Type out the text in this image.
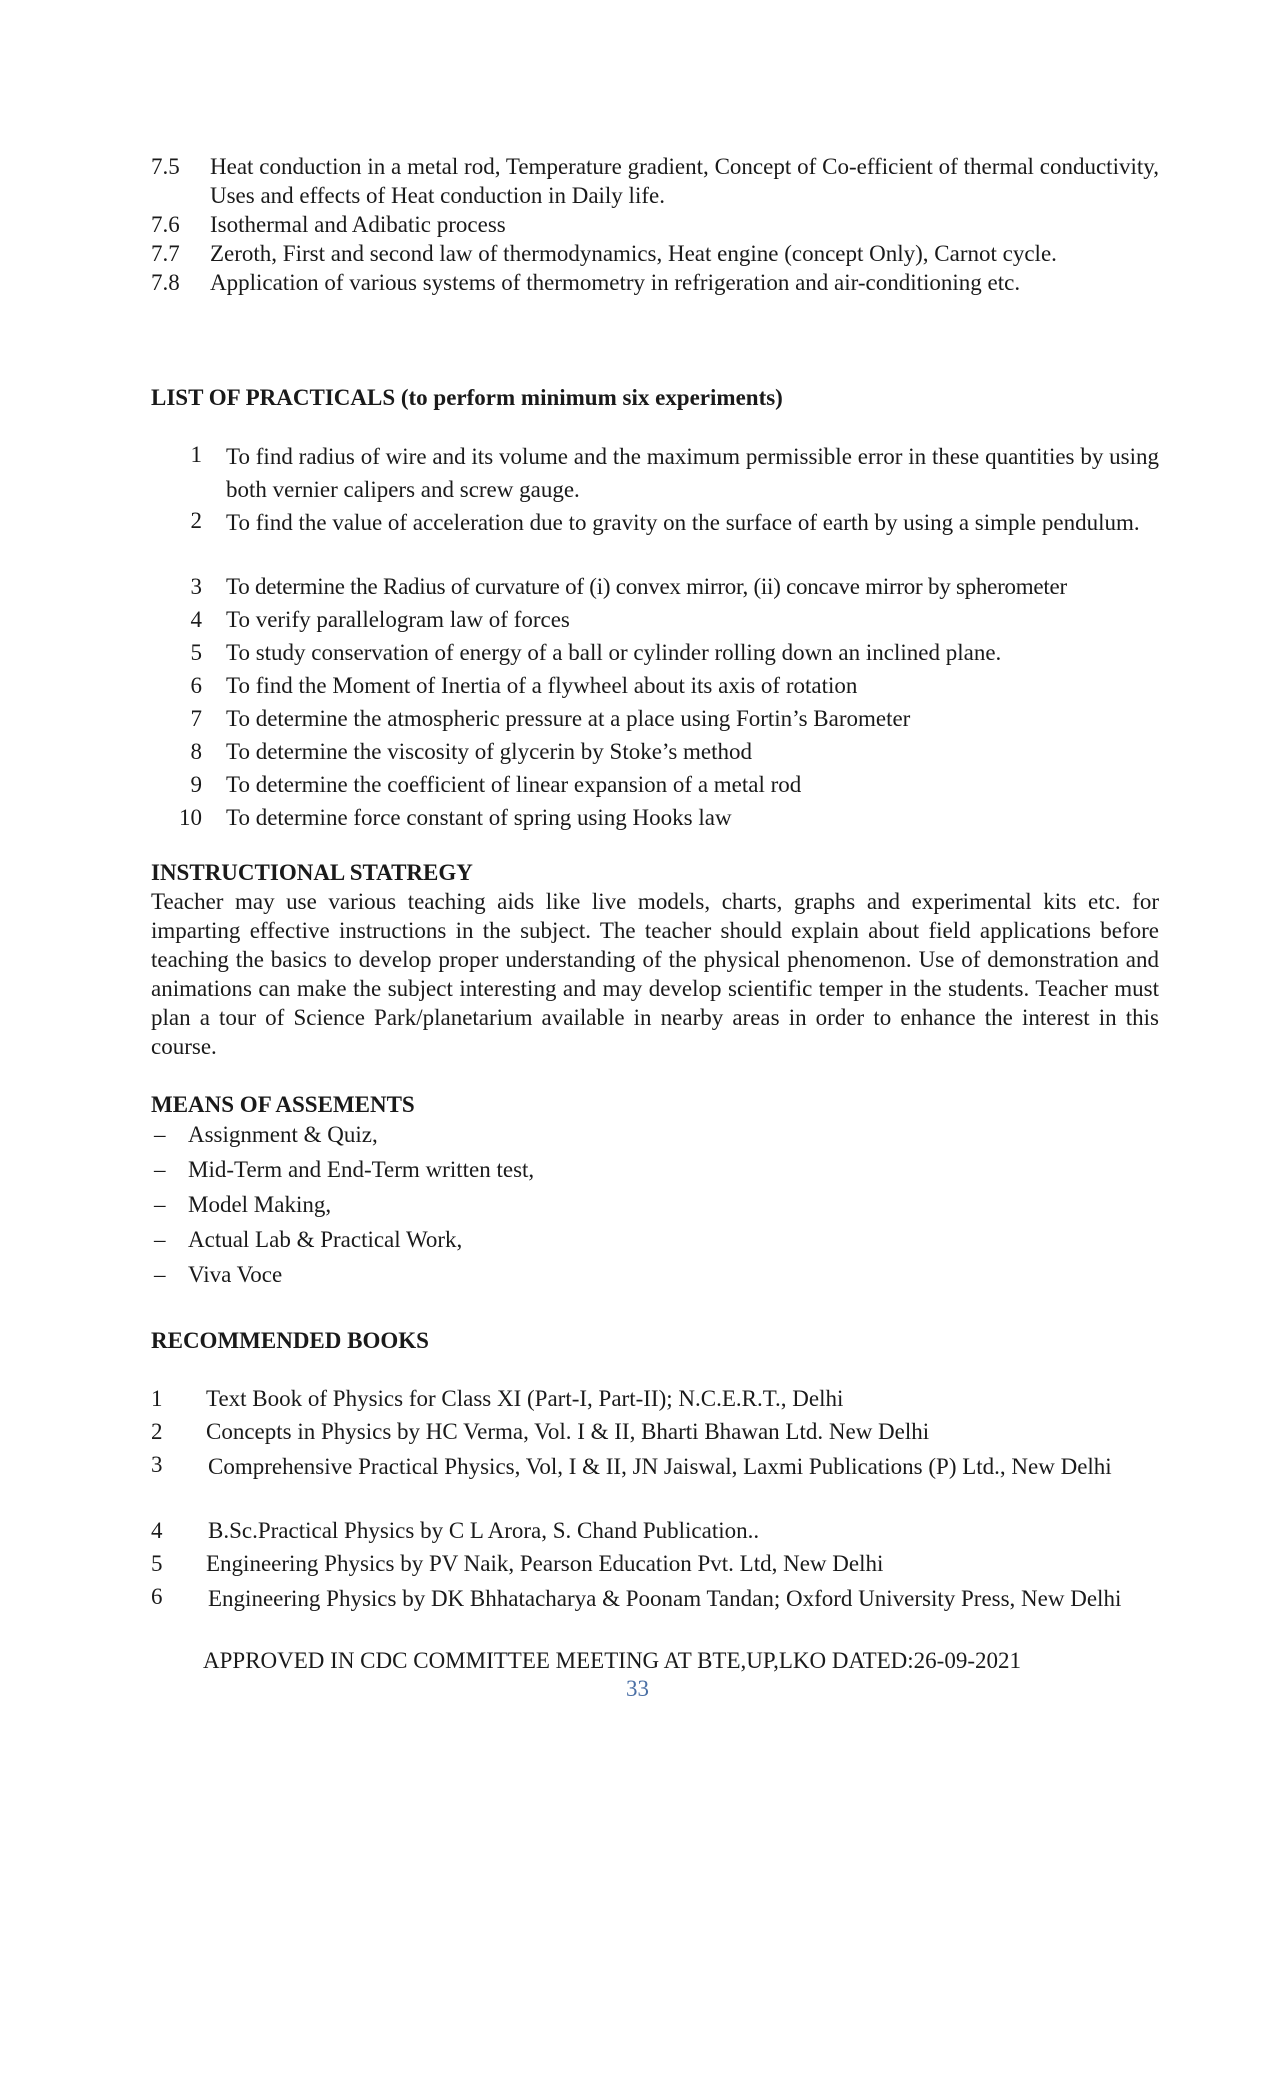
7.5	Heat conduction in a metal rod, Temperature gradient, Concept of Co-efficient of thermal conductivity, Uses and effects of Heat conduction in Daily life.
7.6	Isothermal and Adibatic process
7.7	Zeroth, First and second law of thermodynamics, Heat engine (concept Only), Carnot cycle.
7.8	Application of various systems of thermometry in refrigeration and air-conditioning etc.
LIST OF PRACTICALS (to perform minimum six experiments)
1 To find radius of wire and its volume and the maximum permissible error in these quantities by using both vernier calipers and screw gauge.
2 To find the value of acceleration due to gravity on the surface of earth by using a simple pendulum.
3 To determine the Radius of curvature of (i) convex mirror, (ii) concave mirror by spherometer
4 To verify parallelogram law of forces
5 To study conservation of energy of a ball or cylinder rolling down an inclined plane.
6 To find the Moment of Inertia of a flywheel about its axis of rotation
7 To determine the atmospheric pressure at a place using Fortin’s Barometer
8 To determine the viscosity of glycerin by Stoke’s method
9 To determine the coefficient of linear expansion of a metal rod
10 To determine force constant of spring using Hooks law
INSTRUCTIONAL STATREGY
Teacher may use various teaching aids like live models, charts, graphs and experimental kits etc. for imparting effective instructions in the subject. The teacher should explain about field applications before teaching the basics to develop proper understanding of the physical phenomenon. Use of demonstration and animations can make the subject interesting and may develop scientific temper in the students. Teacher must plan a tour of Science Park/planetarium available in nearby areas in order to enhance the interest in this course.
MEANS OF ASSEMENTS
– Assignment & Quiz,
– Mid-Term and End-Term written test,
– Model Making,
– Actual Lab & Practical Work,
– Viva Voce
RECOMMENDED BOOKS
1	Text Book of Physics for Class XI (Part-I, Part-II); N.C.E.R.T., Delhi
2	Concepts in Physics by HC Verma, Vol. I & II, Bharti Bhawan Ltd. New Delhi
3	Comprehensive Practical Physics, Vol, I & II, JN Jaiswal, Laxmi Publications (P) Ltd., New Delhi
4	B.Sc.Practical Physics by C L Arora, S. Chand Publication..
5	Engineering Physics by PV Naik, Pearson Education Pvt. Ltd, New Delhi
6	Engineering Physics by DK Bhhatacharya & Poonam Tandan; Oxford University Press, New Delhi
APPROVED IN CDC COMMITTEE MEETING AT BTE,UP,LKO DATED:26-09-2021
33
